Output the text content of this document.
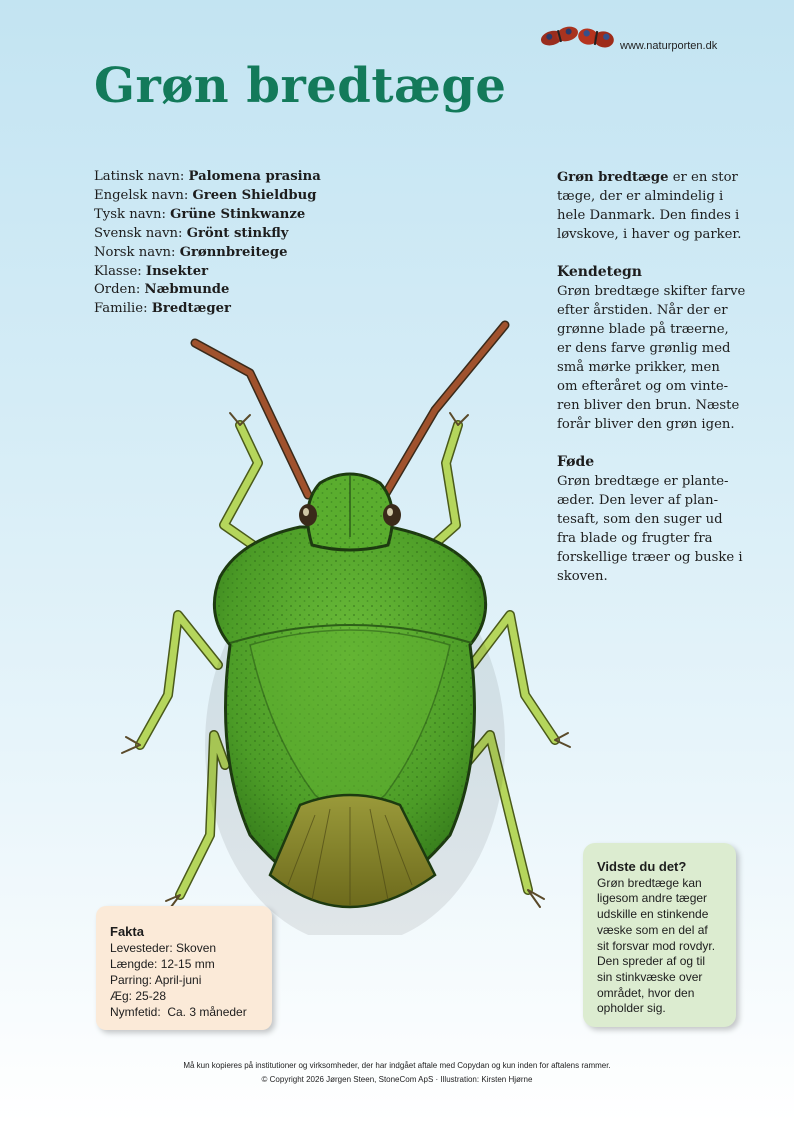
www.naturporten.dk
Grøn bredtæge
Latinsk navn: Palomena prasina
Engelsk navn: Green Shieldbug
Tysk navn: Grüne Stinkwanze
Svensk navn: Grönt stinkfly
Norsk navn: Grønnbreitege
Klasse: Insekter
Orden: Næbmunde
Familie: Bredtæger

Grøn bredtæge er en stor
tæge, der er almindelig i
hele Danmark. Den findes i
løvskove, i haver og parker.

Kendetegn

Grøn bredtæge skifter farve
efter årstiden. Når der er
grønne blade på træerne,
er dens farve grønlig med
små mørke prikker, men
om efteråret og om vinte-
ren bliver den brun. Næste
forår bliver den grøn igen.

Føde

Grøn bredtæge er plante-
æder. Den lever af plan-
tesaft, som den suger ud
fra blade og frugter fra
forskellige træer og buske i
skoven.

Fakta
Levesteder: Skoven
Længde: 12-15 mm
Parring: April-juni
Æg: 25-28
Nymfetid:  Ca. 3 måneder
Vidste du det?
Grøn bredtæge kan
ligesom andre tæger
udskille en stinkende
væske som en del af
sit forsvar mod rovdyr.
Den spreder af og til
sin stinkvæske over
området, hvor den
opholder sig.
Må kun kopieres på institutioner og virksomheder, der har indgået aftale med Copydan og kun inden for aftalens rammer.
© Copyright 2026 Jørgen Steen, StoneCom ApS · Illustration: Kirsten Hjørne
